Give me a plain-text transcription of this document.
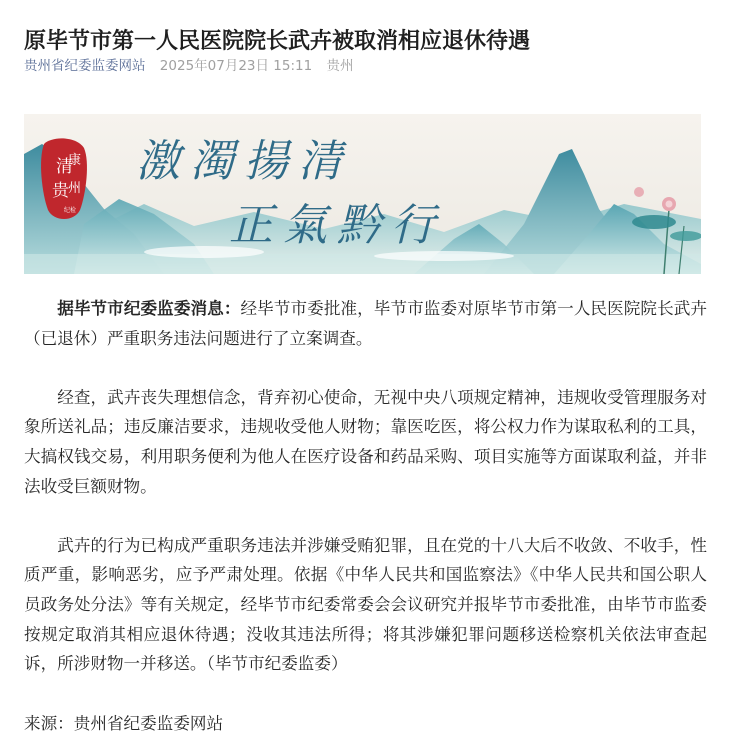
原毕节市第一人民医院院长武卉被取消相应退休待遇
贵州省纪委监委网站 2025年07月23日 15:11 贵州
清
康
贵 州
纪检
激濁揚清
正氣黔行

据毕节市纪委监委消息：经毕节市委批准，毕节市监委对原毕节市第一人民医院院长武卉（已退休）严重职务违法问题进行了立案调查。

经查，武卉丧失理想信念，背弃初心使命，无视中央八项规定精神，违规收受管理服务对象所送礼品；违反廉洁要求，违规收受他人财物；靠医吃医，将公权力作为谋取私利的工具，大搞权钱交易，利用职务便利为他人在医疗设备和药品采购、项目实施等方面谋取利益，并非法收受巨额财物。

武卉的行为已构成严重职务违法并涉嫌受贿犯罪，且在党的十八大后不收敛、不收手，性质严重，影响恶劣，应予严肃处理。依据《中华人民共和国监察法》《中华人民共和国公职人员政务处分法》等有关规定，经毕节市纪委常委会会议研究并报毕节市委批准，由毕节市监委按规定取消其相应退休待遇；没收其违法所得；将其涉嫌犯罪问题移送检察机关依法审查起诉，所涉财物一并移送。（毕节市纪委监委）

来源：贵州省纪委监委网站
